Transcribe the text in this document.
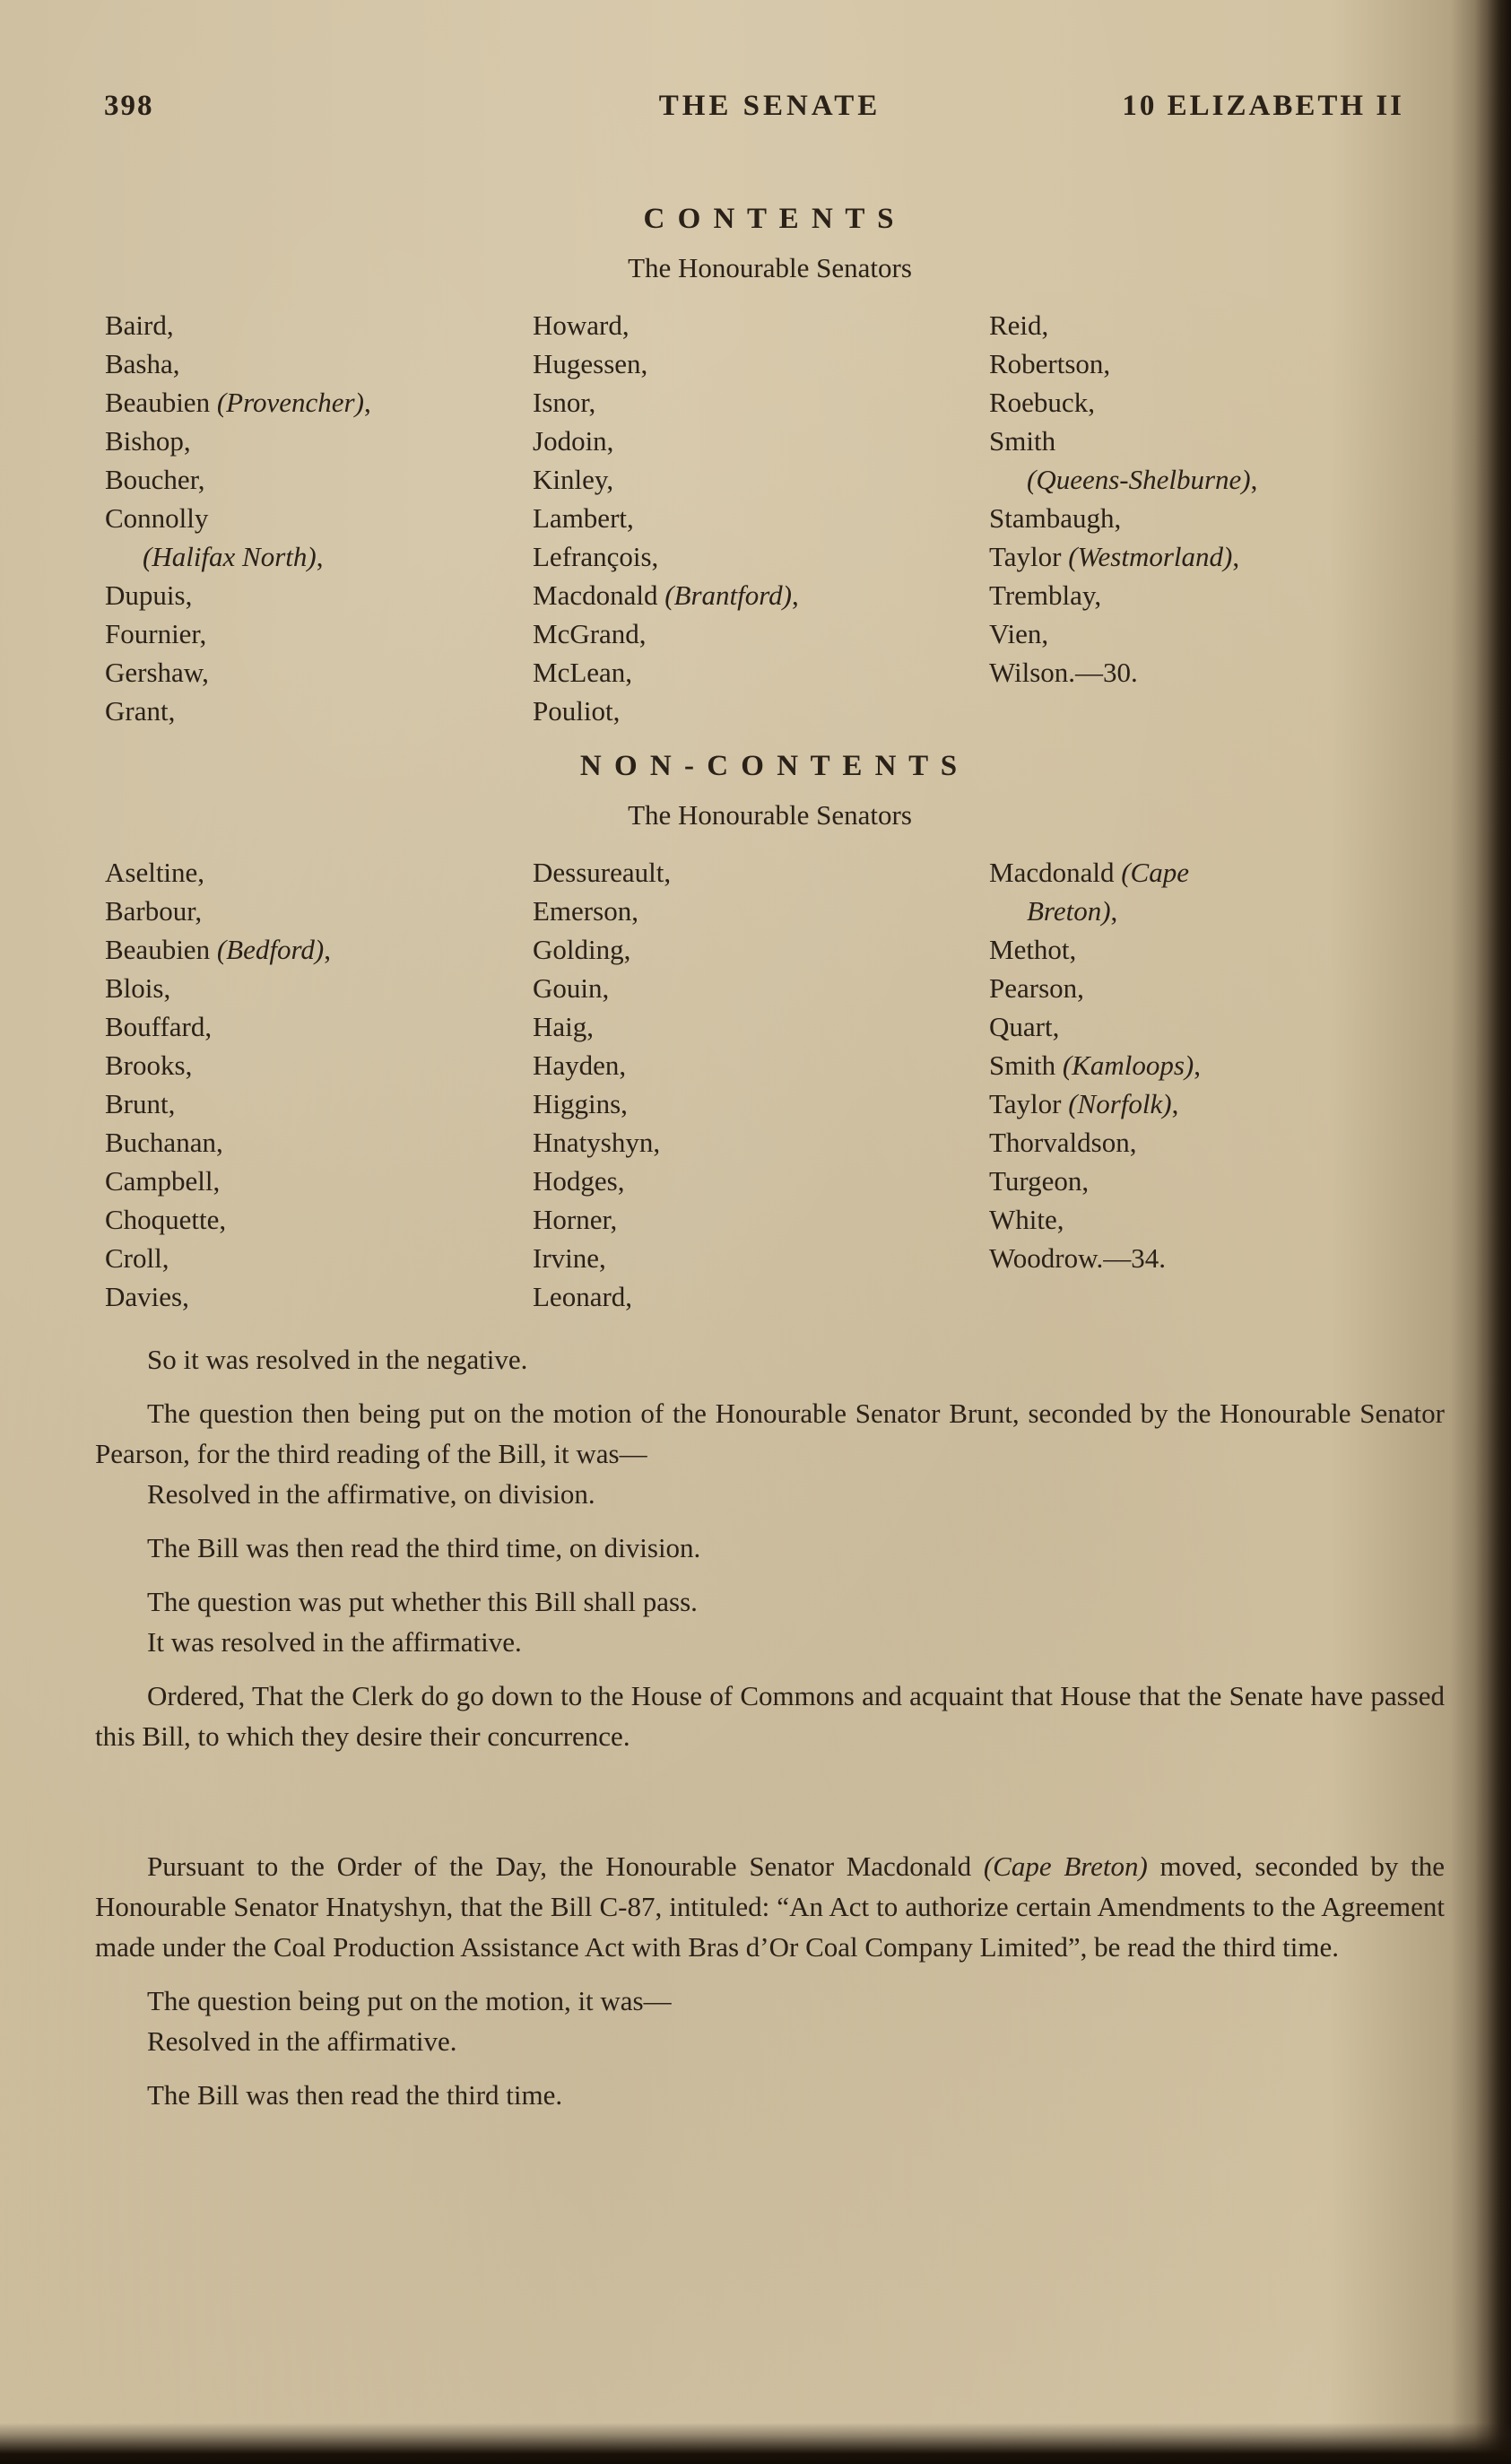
398	THE SENATE	10 ELIZABETH II
C O N T E N T S
The Honourable Senators
Baird,
Basha,
Beaubien (Provencher),
Bishop,
Boucher,
Connolly
(Halifax North),
Dupuis,
Fournier,
Gershaw,
Grant,
Howard,
Hugessen,
Isnor,
Jodoin,
Kinley,
Lambert,
Lefrançois,
Macdonald (Brantford),
McGrand,
McLean,
Pouliot,
Reid,
Robertson,
Roebuck,
Smith
(Queens-Shelburne),
Stambaugh,
Taylor (Westmorland),
Tremblay,
Vien,
Wilson.—30.
N O N - C O N T E N T S
The Honourable Senators
Aseltine,
Barbour,
Beaubien (Bedford),
Blois,
Bouffard,
Brooks,
Brunt,
Buchanan,
Campbell,
Choquette,
Croll,
Davies,
Dessureault,
Emerson,
Golding,
Gouin,
Haig,
Hayden,
Higgins,
Hnatyshyn,
Hodges,
Horner,
Irvine,
Leonard,
Macdonald (Cape
Breton),
Methot,
Pearson,
Quart,
Smith (Kamloops),
Taylor (Norfolk),
Thorvaldson,
Turgeon,
White,
Woodrow.—34.

So it was resolved in the negative.

The question then being put on the motion of the Honourable Senator Brunt, seconded by the Honourable Senator Pearson, for the third reading of the Bill, it was—

Resolved in the affirmative, on division.

The Bill was then read the third time, on division.

The question was put whether this Bill shall pass.

It was resolved in the affirmative.

Ordered, That the Clerk do go down to the House of Commons and acquaint that House that the Senate have passed this Bill, to which they desire their concurrence.

Pursuant to the Order of the Day, the Honourable Senator Macdonald (Cape Breton) moved, seconded by the Honourable Senator Hnatyshyn, that the Bill C-87, intituled: “An Act to authorize certain Amendments to the Agreement made under the Coal Production Assistance Act with Bras d’Or Coal Company Limited”, be read the third time.

The question being put on the motion, it was—

Resolved in the affirmative.

The Bill was then read the third time.
